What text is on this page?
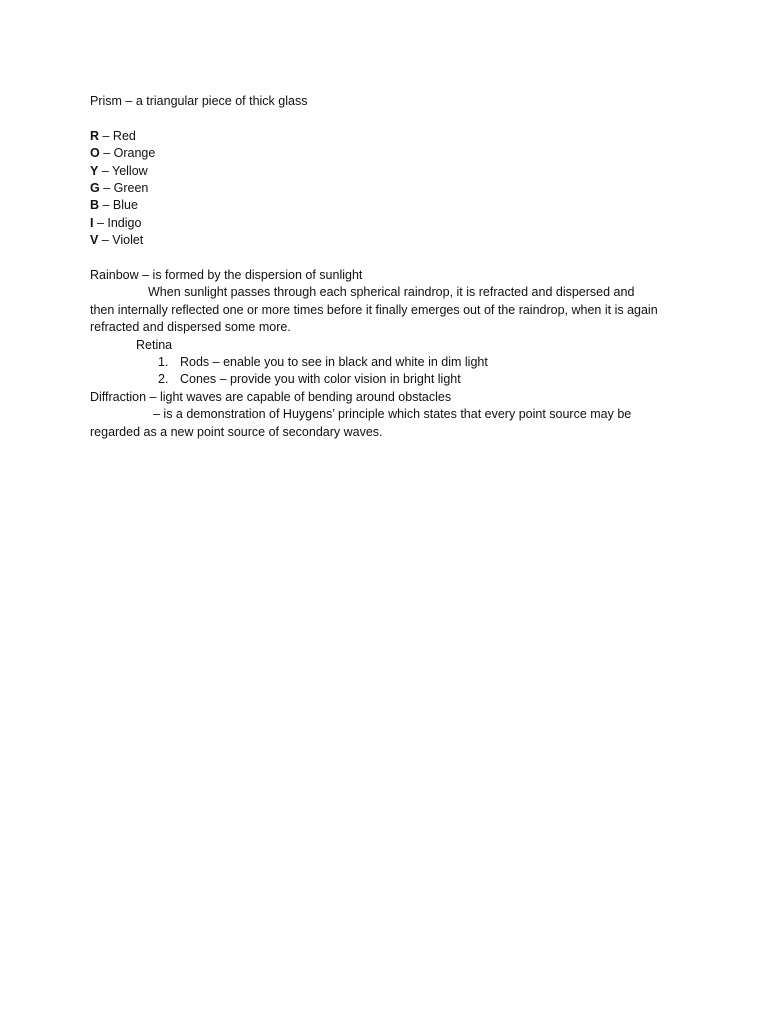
Prism – a triangular piece of thick glass
R – Red
O – Orange
Y – Yellow
G – Green
B – Blue
I – Indigo
V – Violet
Rainbow – is formed by the dispersion of sunlight
When sunlight passes through each spherical raindrop, it is refracted and dispersed and then internally reflected one or more times before it finally emerges out of the raindrop, when it is again refracted and dispersed some more.
Retina
1. Rods – enable you to see in black and white in dim light
2. Cones – provide you with color vision in bright light
Diffraction – light waves are capable of bending around obstacles
– is a demonstration of Huygens’ principle which states that every point source may be
regarded as a new point source of secondary waves.
